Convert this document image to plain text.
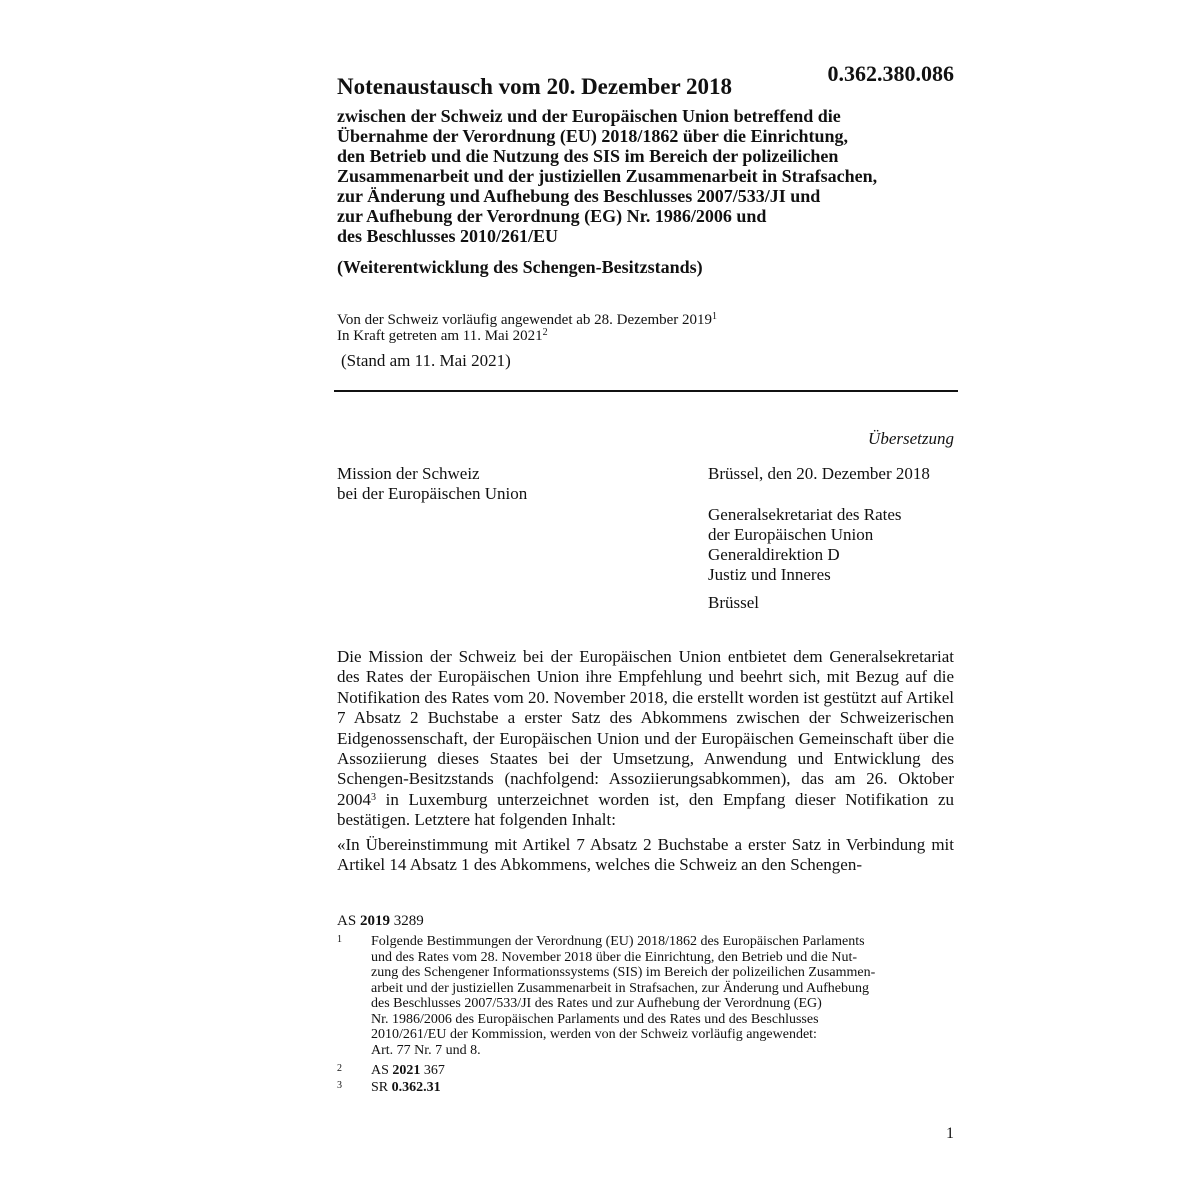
0.362.380.086
Notenaustausch vom 20. Dezember 2018
zwischen der Schweiz und der Europäischen Union betreffend die
Übernahme der Verordnung (EU) 2018/1862 über die Einrichtung,
den Betrieb und die Nutzung des SIS im Bereich der polizeilichen
Zusammenarbeit und der justiziellen Zusammenarbeit in Strafsachen,
zur Änderung und Aufhebung des Beschlusses 2007/533/JI und
zur Aufhebung der Verordnung (EG) Nr. 1986/2006 und
des Beschlusses 2010/261/EU
(Weiterentwicklung des Schengen-Besitzstands)
Von der Schweiz vorläufig angewendet ab 28. Dezember 2019$^1$
In Kraft getreten am 11. Mai 2021$^2$
(Stand am 11. Mai 2021)
Übersetzung
Mission der Schweiz
bei der Europäischen Union
Brüssel, den 20. Dezember 2018
Generalsekretariat des Rates
der Europäischen Union
Generaldirektion D
Justiz und Inneres
Brüssel
Die Mission der Schweiz bei der Europäischen Union entbietet dem Generalsekretariat des Rates der Europäischen Union ihre Empfehlung und beehrt sich, mit Bezug auf die Notifikation des Rates vom 20. November 2018, die erstellt worden ist gestützt auf Artikel 7 Absatz 2 Buchstabe a erster Satz des Abkommens zwischen der Schweizerischen Eidgenossenschaft, der Europäischen Union und der Europäischen Gemeinschaft über die Assoziierung dieses Staates bei der Umsetzung, Anwendung und Entwicklung des Schengen-Besitzstands (nachfolgend: Assoziierungsabkommen), das am 26. Oktober 2004$^3$ in Luxemburg unterzeichnet worden ist, den Empfang dieser Notifikation zu bestätigen. Letztere hat folgenden Inhalt:
«In Übereinstimmung mit Artikel 7 Absatz 2 Buchstabe a erster Satz in Verbindung mit Artikel 14 Absatz 1 des Abkommens, welches die Schweiz an den Schengen-
AS 2019 3289
1 Folgende Bestimmungen der Verordnung (EU) 2018/1862 des Europäischen Parlaments
und des Rates vom 28. November 2018 über die Einrichtung, den Betrieb und die Nut-
zung des Schengener Informationssystems (SIS) im Bereich der polizeilichen Zusammen-
arbeit und der justiziellen Zusammenarbeit in Strafsachen, zur Änderung und Aufhebung
des Beschlusses 2007/533/JI des Rates und zur Aufhebung der Verordnung (EG)
Nr. 1986/2006 des Europäischen Parlaments und des Rates und des Beschlusses
2010/261/EU der Kommission, werden von der Schweiz vorläufig angewendet:
Art. 77 Nr. 7 und 8.
2 AS 2021 367
3 SR 0.362.31
1
